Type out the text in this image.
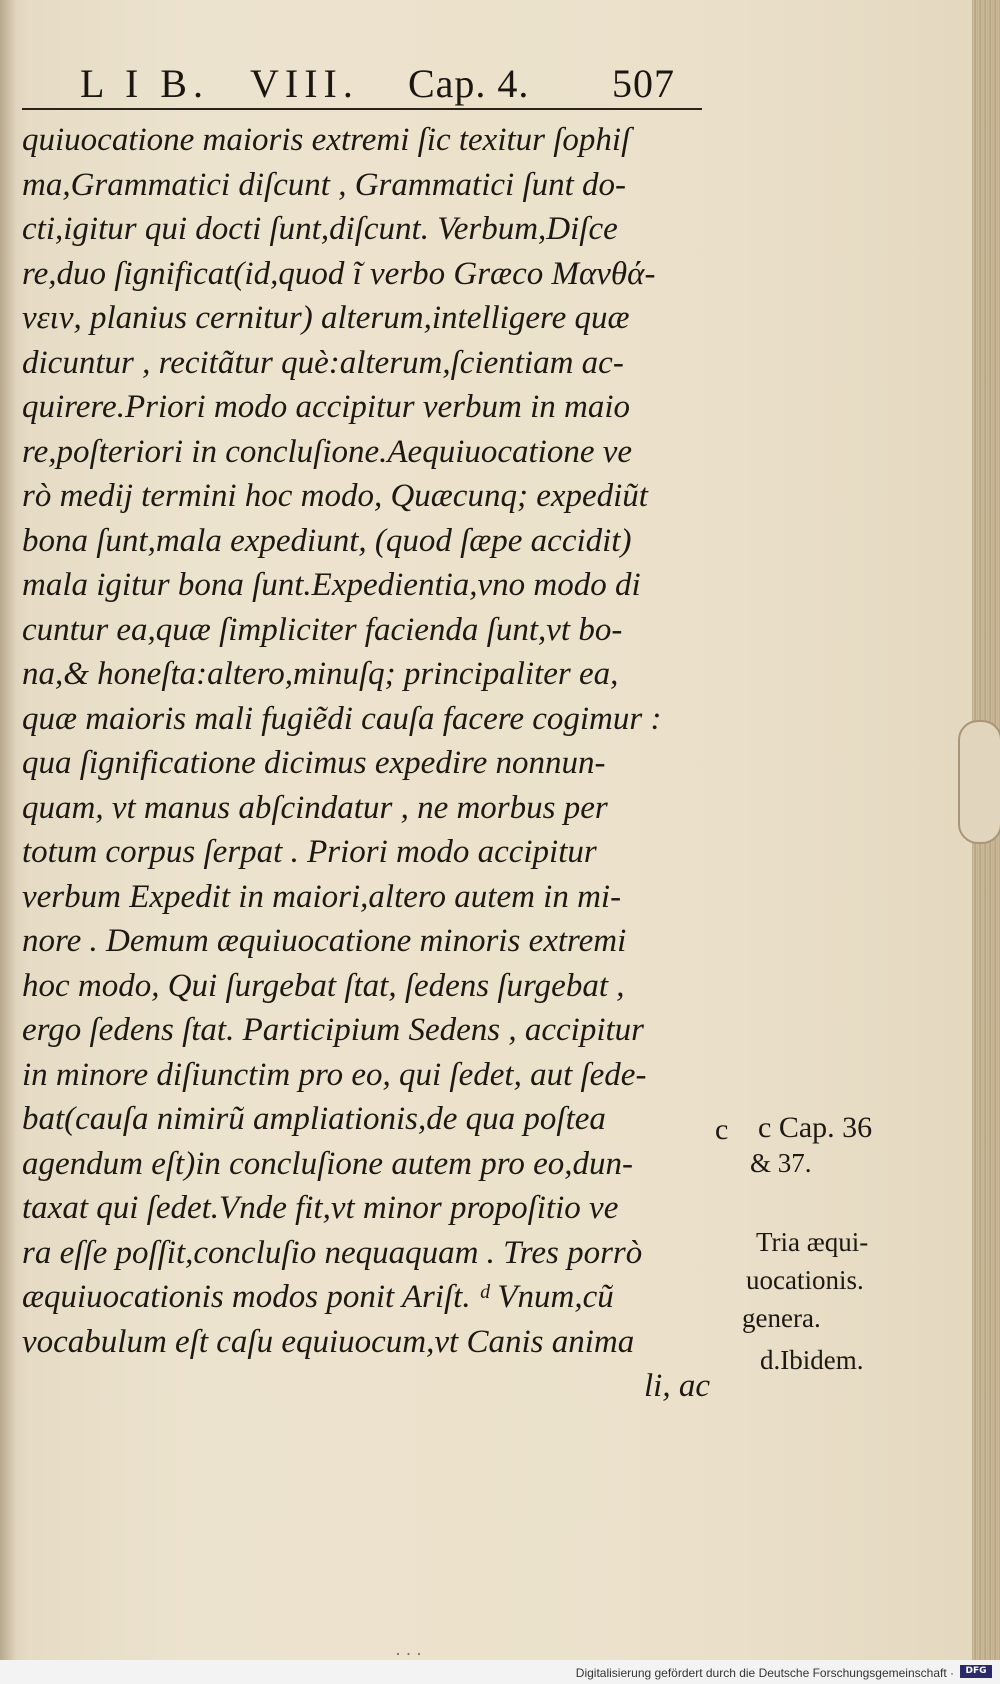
L I B. VIII. Cap. 4. 507
quiuocatione maioris extremi ſic texitur ſophiſ
ma,Grammatici diſcunt , Grammatici ſunt do-
cti,igitur qui docti ſunt,diſcunt. Verbum,Diſce
re,duo ſignificat(id,quod ĩ verbo Græco Μανθά-
νειν, planius cernitur) alterum,intelligere quæ
dicuntur , recitãtur què:alterum,ſcientiam ac-
quirere.Priori modo accipitur verbum in maio
re,poſteriori in concluſione.Aequiuocatione ve
rò medij termini hoc modo, Quæcunq; expediũt
bona ſunt,mala expediunt, (quod ſæpe accidit)
mala igitur bona ſunt.Expedientia,vno modo di
cuntur ea,quæ ſimpliciter facienda ſunt,vt bo-
na,& honeſta:altero,minuſq; principaliter ea,
quæ maioris mali fugiẽdi cauſa facere cogimur :
qua ſignificatione dicimus expedire nonnun-
quam, vt manus abſcindatur , ne morbus per
totum corpus ſerpat . Priori modo accipitur
verbum Expedit in maiori,altero autem in mi-
nore . Demum æquiuocatione minoris extremi
hoc modo, Qui ſurgebat ſtat, ſedens ſurgebat ,
ergo ſedens ſtat. Participium Sedens , accipitur
in minore diſiunctim pro eo, qui ſedet, aut ſede-
bat(cauſa nimirũ ampliationis,de qua poſtea
agendum eſt)in concluſione autem pro eo,dun-
taxat qui ſedet.Vnde fit,vt minor propoſitio ve
ra eſſe poſſit,concluſio nequaquam . Tres porrò
æquiuocationis modos ponit Ariſt. ᵈ Vnum,cũ
vocabulum eſt caſu equiuocum,vt Canis anima
li, ac
c c Cap. 36
& 37.
Tria æqui-
uocationis.
genera.
d.Ibidem.
· · ·
Digitalisierung gefördert durch die Deutsche Forschungsgemeinschaft ·	DFG
